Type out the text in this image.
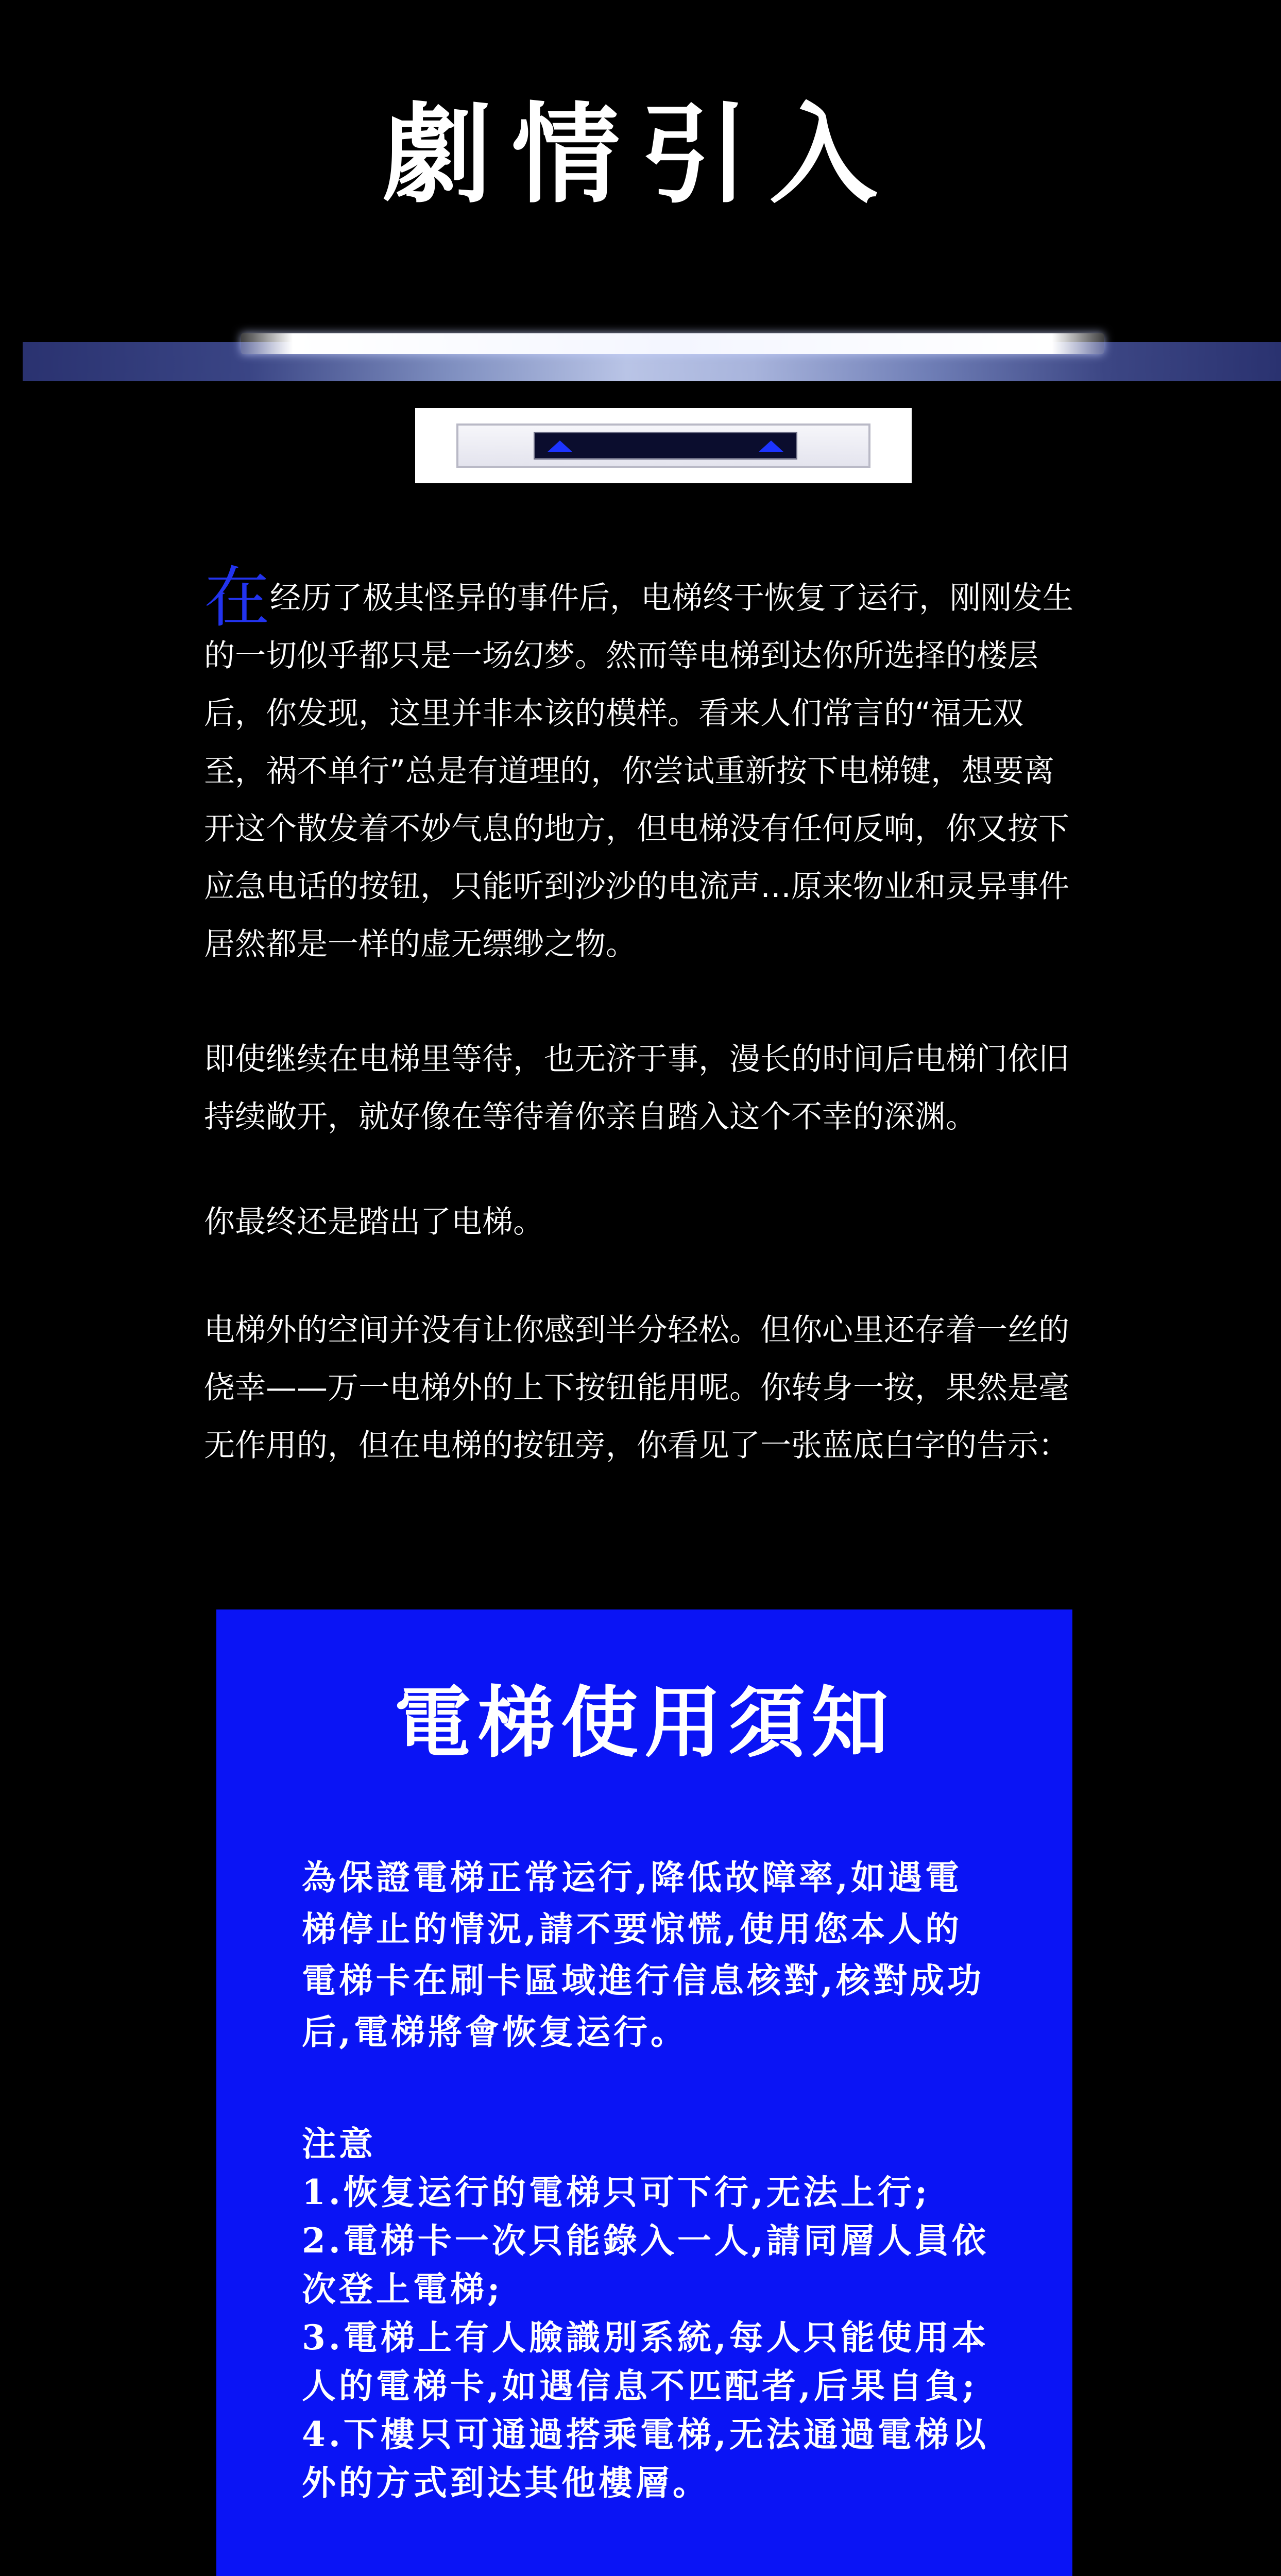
劇情引入

在经历了极其怪异的事件后，电梯终于恢复了运行，刚刚发生的一切似乎都只是一场幻梦。然而等电梯到达你所选择的楼层后，你发现，这里并非本该的模样。看来人们常言的“福无双至，祸不单行”总是有道理的，你尝试重新按下电梯键，想要离开这个散发着不妙气息的地方，但电梯没有任何反响，你又按下应急电话的按钮，只能听到沙沙的电流声…原来物业和灵异事件居然都是一样的虚无缥缈之物。

即使继续在电梯里等待，也无济于事，漫长的时间后电梯门依旧持续敞开，就好像在等待着你亲自踏入这个不幸的深渊。

你最终还是踏出了电梯。

电梯外的空间并没有让你感到半分轻松。但你心里还存着一丝的侥幸——万一电梯外的上下按钮能用呢。你转身一按，果然是毫无作用的，但在电梯的按钮旁，你看见了一张蓝底白字的告示：

電梯使用須知
為保證電梯正常运行,降低故障率,如遇電梯停止的情況,請不要惊慌,使用您本人的電梯卡在刷卡區域進行信息核對,核對成功后,電梯將會恢复运行。
注意
1.恢复运行的電梯只可下行,无法上行;
2.電梯卡一次只能錄入一人,請同層人員依次登上電梯;
3.電梯上有人臉識別系統,每人只能使用本人的電梯卡,如遇信息不匹配者,后果自負;
4.下樓只可通過搭乘電梯,无法通過電梯以外的方式到达其他樓層。
